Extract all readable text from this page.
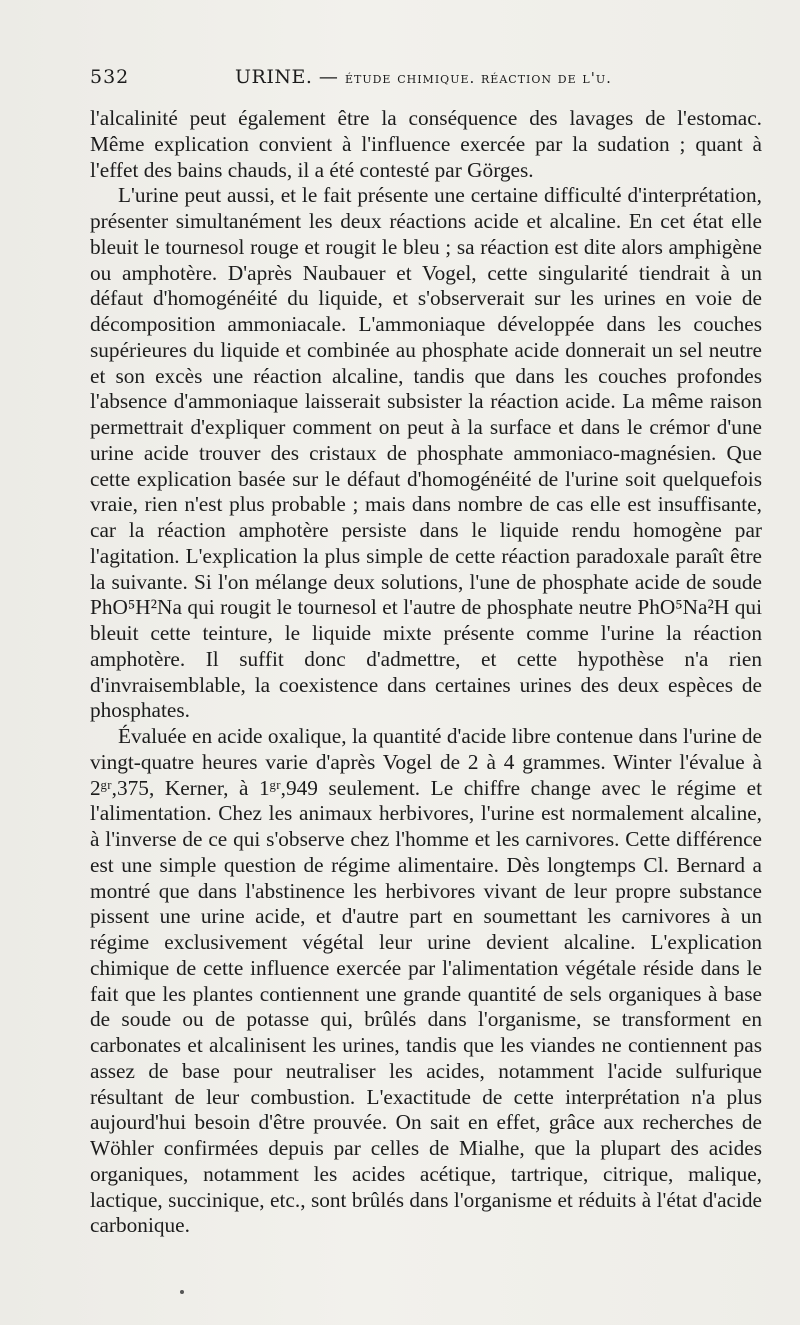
532	URINE. — étude chimique. réaction de l'u.

l'alcalinité peut également être la conséquence des lavages de l'estomac. Même explication convient à l'influence exercée par la sudation ; quant à l'effet des bains chauds, il a été contesté par Görges.

L'urine peut aussi, et le fait présente une certaine difficulté d'interprétation, présenter simultanément les deux réactions acide et alcaline. En cet état elle bleuit le tournesol rouge et rougit le bleu ; sa réaction est dite alors amphigène ou amphotère. D'après Naubauer et Vogel, cette singularité tiendrait à un défaut d'homogénéité du liquide, et s'observerait sur les urines en voie de décomposition ammoniacale. L'ammoniaque développée dans les couches supérieures du liquide et combinée au phosphate acide donnerait un sel neutre et son excès une réaction alcaline, tandis que dans les couches profondes l'absence d'ammoniaque laisserait subsister la réaction acide. La même raison permettrait d'expliquer comment on peut à la surface et dans le crémor d'une urine acide trouver des cristaux de phosphate ammoniaco-magnésien. Que cette explication basée sur le défaut d'homogénéité de l'urine soit quelquefois vraie, rien n'est plus probable ; mais dans nombre de cas elle est insuffisante, car la réaction amphotère persiste dans le liquide rendu homogène par l'agitation. L'explication la plus simple de cette réaction paradoxale paraît être la suivante. Si l'on mélange deux solutions, l'une de phosphate acide de soude PhO⁵H²Na qui rougit le tournesol et l'autre de phosphate neutre PhO⁵Na²H qui bleuit cette teinture, le liquide mixte présente comme l'urine la réaction amphotère. Il suffit donc d'admettre, et cette hypothèse n'a rien d'invraisemblable, la coexistence dans certaines urines des deux espèces de phosphates.

Évaluée en acide oxalique, la quantité d'acide libre contenue dans l'urine de vingt-quatre heures varie d'après Vogel de 2 à 4 grammes. Winter l'évalue à 2ᵍʳ,375, Kerner, à 1ᵍʳ,949 seulement. Le chiffre change avec le régime et l'alimentation. Chez les animaux herbivores, l'urine est normalement alcaline, à l'inverse de ce qui s'observe chez l'homme et les carnivores. Cette différence est une simple question de régime alimentaire. Dès longtemps Cl. Bernard a montré que dans l'abstinence les herbivores vivant de leur propre substance pissent une urine acide, et d'autre part en soumettant les carnivores à un régime exclusivement végétal leur urine devient alcaline. L'explication chimique de cette influence exercée par l'alimentation végétale réside dans le fait que les plantes contiennent une grande quantité de sels organiques à base de soude ou de potasse qui, brûlés dans l'organisme, se transforment en carbonates et alcalinisent les urines, tandis que les viandes ne contiennent pas assez de base pour neutraliser les acides, notamment l'acide sulfurique résultant de leur combustion. L'exactitude de cette interprétation n'a plus aujourd'hui besoin d'être prouvée. On sait en effet, grâce aux recherches de Wöhler confirmées depuis par celles de Mialhe, que la plupart des acides organiques, notamment les acides acétique, tartrique, citrique, malique, lactique, succinique, etc., sont brûlés dans l'organisme et réduits à l'état d'acide carbonique.
